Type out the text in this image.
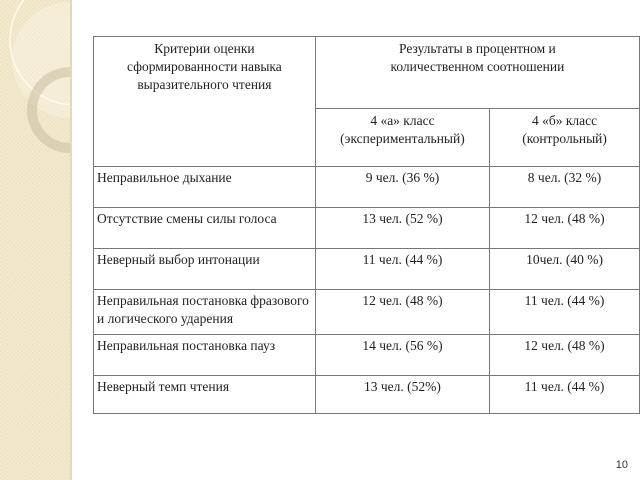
Критерии оценки сформированности навыка выразительного чтения	Результаты в процентном и количественном соотношении	
	4 «а» класс (экспериментальный)	4 «б» класс (контрольный)
Неправильное дыхание	9 чел. (36 %)	8 чел. (32 %)
Отсутствие смены силы голоса	13 чел. (52 %)	12 чел. (48 %)
Неверный выбор интонации	11 чел. (44 %)	10чел. (40 %)
Неправильная постановка фразового и логического ударения	12 чел. (48 %)	11 чел. (44 %)
Неправильная постановка пауз	14 чел. (56 %)	12 чел. (48 %)
Неверный темп чтения	13 чел. (52%)	11 чел. (44 %)
10
